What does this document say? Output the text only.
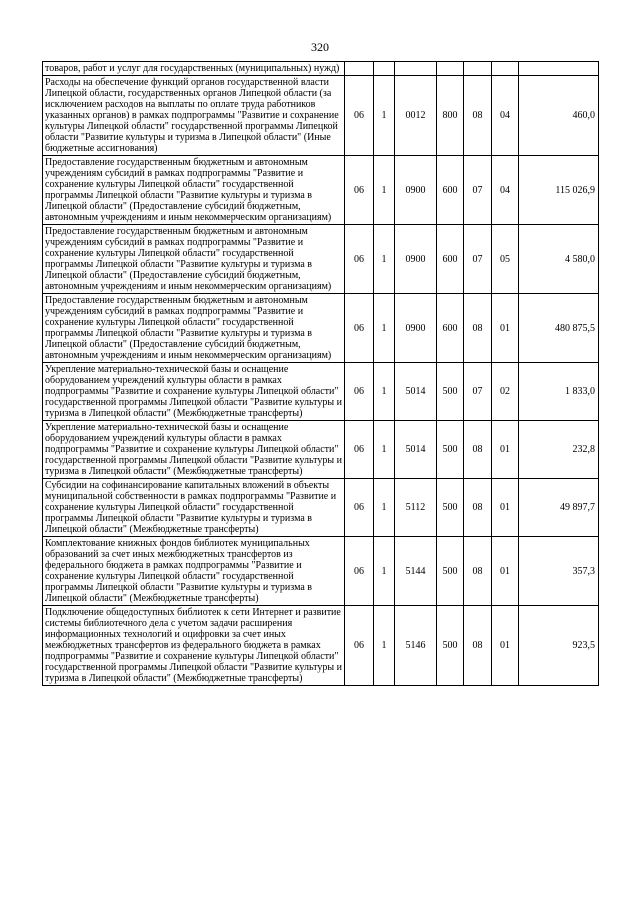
320
товаров, работ и услуг для государственных (муниципальных) нужд)							
Расходы на обеспечение функций органов государственной власти Липецкой области, государственных органов Липецкой области (за исключением расходов на выплаты по оплате труда работников указанных органов) в рамках подпрограммы "Развитие и сохранение культуры Липецкой области" государственной программы Липецкой области "Развитие культуры и туризма в Липецкой области" (Иные бюджетные ассигнования)	06	1	0012	800	08	04	460,0
Предоставление государственным бюджетным и автономным учреждениям субсидий в рамках подпрограммы "Развитие и сохранение культуры Липецкой области" государственной программы Липецкой области "Развитие культуры и туризма в Липецкой области" (Предоставление субсидий бюджетным, автономным учреждениям и иным некоммерческим организациям)	06	1	0900	600	07	04	115 026,9
Предоставление государственным бюджетным и автономным учреждениям субсидий в рамках подпрограммы "Развитие и сохранение культуры Липецкой области" государственной программы Липецкой области "Развитие культуры и туризма в Липецкой области" (Предоставление субсидий бюджетным, автономным учреждениям и иным некоммерческим организациям)	06	1	0900	600	07	05	4 580,0
Предоставление государственным бюджетным и автономным учреждениям субсидий в рамках подпрограммы "Развитие и сохранение культуры Липецкой области" государственной программы Липецкой области "Развитие культуры и туризма в Липецкой области" (Предоставление субсидий бюджетным, автономным учреждениям и иным некоммерческим организациям)	06	1	0900	600	08	01	480 875,5
Укрепление материально-технической базы и оснащение оборудованием учреждений культуры области в рамках подпрограммы "Развитие и сохранение культуры Липецкой области" государственной программы Липецкой области "Развитие культуры и туризма в Липецкой области" (Межбюджетные трансферты)	06	1	5014	500	07	02	1 833,0
Укрепление материально-технической базы и оснащение оборудованием учреждений культуры области в рамках подпрограммы "Развитие и сохранение культуры Липецкой области" государственной программы Липецкой области "Развитие культуры и туризма в Липецкой области" (Межбюджетные трансферты)	06	1	5014	500	08	01	232,8
Субсидии на софинансирование капитальных вложений в объекты муниципальной собственности в рамках подпрограммы "Развитие и сохранение культуры Липецкой области" государственной программы Липецкой области "Развитие культуры и туризма в Липецкой области" (Межбюджетные трансферты)	06	1	5112	500	08	01	49 897,7
Комплектование книжных фондов библиотек муниципальных образований за счет иных межбюджетных трансфертов из федерального бюджета в рамках подпрограммы "Развитие и сохранение культуры Липецкой области" государственной программы Липецкой области "Развитие культуры и туризма в Липецкой области" (Межбюджетные трансферты)	06	1	5144	500	08	01	357,3
Подключение общедоступных библиотек к сети Интернет и развитие системы библиотечного дела с учетом задачи расширения информационных технологий и оцифровки за счет иных межбюджетных трансфертов из федерального бюджета в рамках подпрограммы "Развитие и сохранение культуры Липецкой области" государственной программы Липецкой области "Развитие культуры и туризма в Липецкой области" (Межбюджетные трансферты)	06	1	5146	500	08	01	923,5
